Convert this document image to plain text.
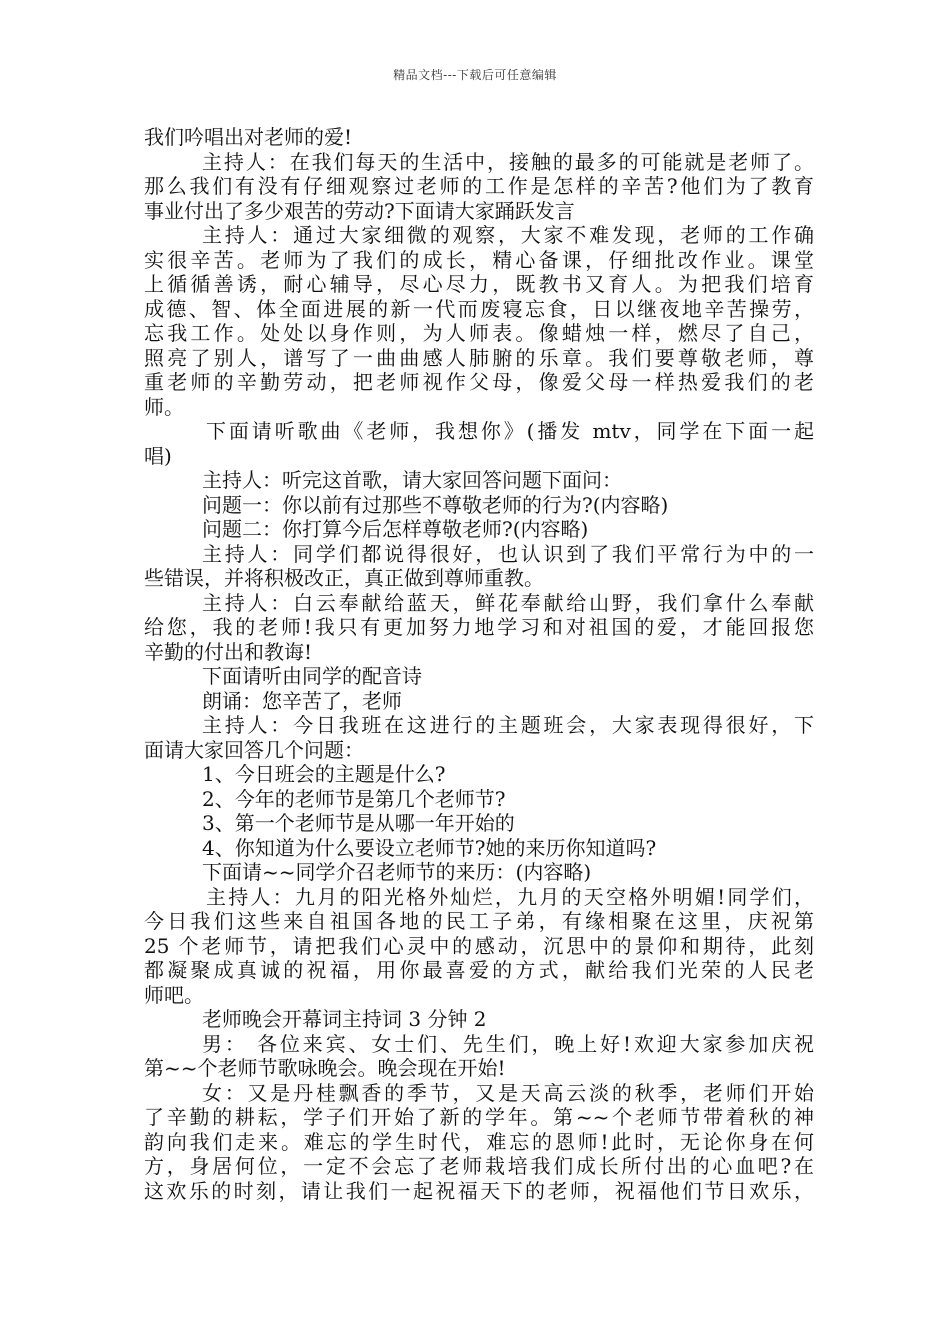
精品文档---下载后可任意编辑
我们吟唱出对老师的爱!
主持人：在我们每天的生活中，接触的最多的可能就是老师了。
那么我们有没有仔细观察过老师的工作是怎样的辛苦?他们为了教育
事业付出了多少艰苦的劳动?下面请大家踊跃发言
主持人：通过大家细微的观察，大家不难发现，老师的工作确
实很辛苦。老师为了我们的成长，精心备课，仔细批改作业。课堂
上循循善诱，耐心辅导，尽心尽力，既教书又育人。为把我们培育
成德、智、体全面进展的新一代而废寝忘食，日以继夜地辛苦操劳，
忘我工作。处处以身作则，为人师表。像蜡烛一样，燃尽了自己，
照亮了别人，谱写了一曲曲感人肺腑的乐章。我们要尊敬老师，尊
重老师的辛勤劳动，把老师视作父母，像爱父母一样热爱我们的老
师。
下面请听歌曲《老师，我想你》(播发 mtv，同学在下面一起
唱)
主持人：听完这首歌，请大家回答问题下面问：
问题一：你以前有过那些不尊敬老师的行为?(内容略)
问题二：你打算今后怎样尊敬老师?(内容略)
主持人：同学们都说得很好，也认识到了我们平常行为中的一
些错误，并将积极改正，真正做到尊师重教。
主持人：白云奉献给蓝天，鲜花奉献给山野，我们拿什么奉献
给您，我的老师!我只有更加努力地学习和对祖国的爱，才能回报您
辛勤的付出和教诲!
下面请听由同学的配音诗
朗诵：您辛苦了，老师
主持人：今日我班在这进行的主题班会，大家表现得很好，下
面请大家回答几个问题：
1、今日班会的主题是什么?
2、今年的老师节是第几个老师节?
3、第一个老师节是从哪一年开始的
4、你知道为什么要设立老师节?她的来历你知道吗?
下面请~~同学介召老师节的来历：(内容略)
主持人：九月的阳光格外灿烂，九月的天空格外明媚!同学们，
今日我们这些来自祖国各地的民工子弟，有缘相聚在这里，庆祝第
25 个老师节，请把我们心灵中的感动，沉思中的景仰和期待，此刻
都凝聚成真诚的祝福，用你最喜爱的方式，献给我们光荣的人民老
师吧。
老师晚会开幕词主持词 3 分钟 2
男： 各位来宾、女士们、先生们，晚上好!欢迎大家参加庆祝
第~~个老师节歌咏晚会。晚会现在开始!
女：又是丹桂飘香的季节，又是天高云淡的秋季，老师们开始
了辛勤的耕耘，学子们开始了新的学年。第~~个老师节带着秋的神
韵向我们走来。难忘的学生时代，难忘的恩师!此时，无论你身在何
方，身居何位，一定不会忘了老师栽培我们成长所付出的心血吧?在
这欢乐的时刻，请让我们一起祝福天下的老师，祝福他们节日欢乐，
